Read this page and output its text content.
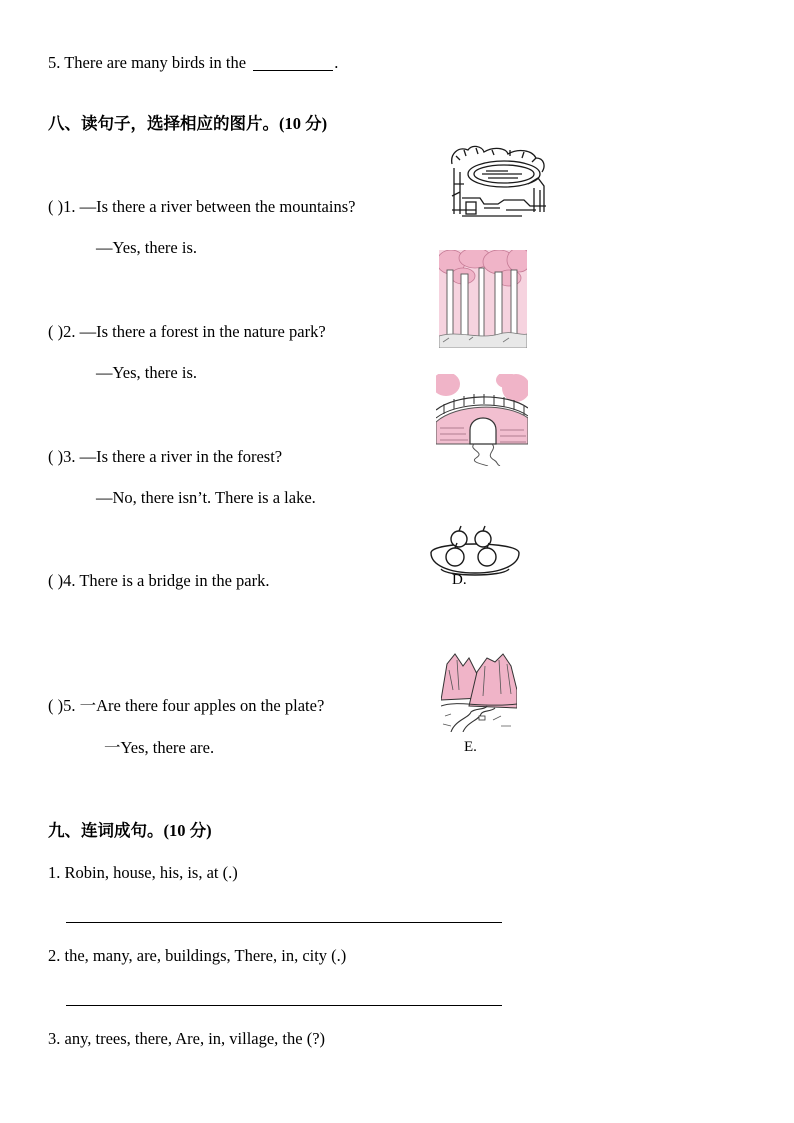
5. There are many birds in the	.
八、读句子，选择相应的图片。(10 分)
( )1. —Is there a river between the mountains?
—Yes, there is.
( )2. —Is there a forest in the nature park?
—Yes, there is.
( )3. —Is there a river in the forest?
—No, there isn’t. There is a lake.
( )4. There is a bridge in the park.
( )5. 一Are there four apples on the plate?
一Yes, there are.
D.
E.
九、连词成句。(10 分)
1. Robin, house, his, is, at (.)
2. the, many, are, buildings, There, in, city (.)
3. any, trees, there, Are, in, village, the (?)
